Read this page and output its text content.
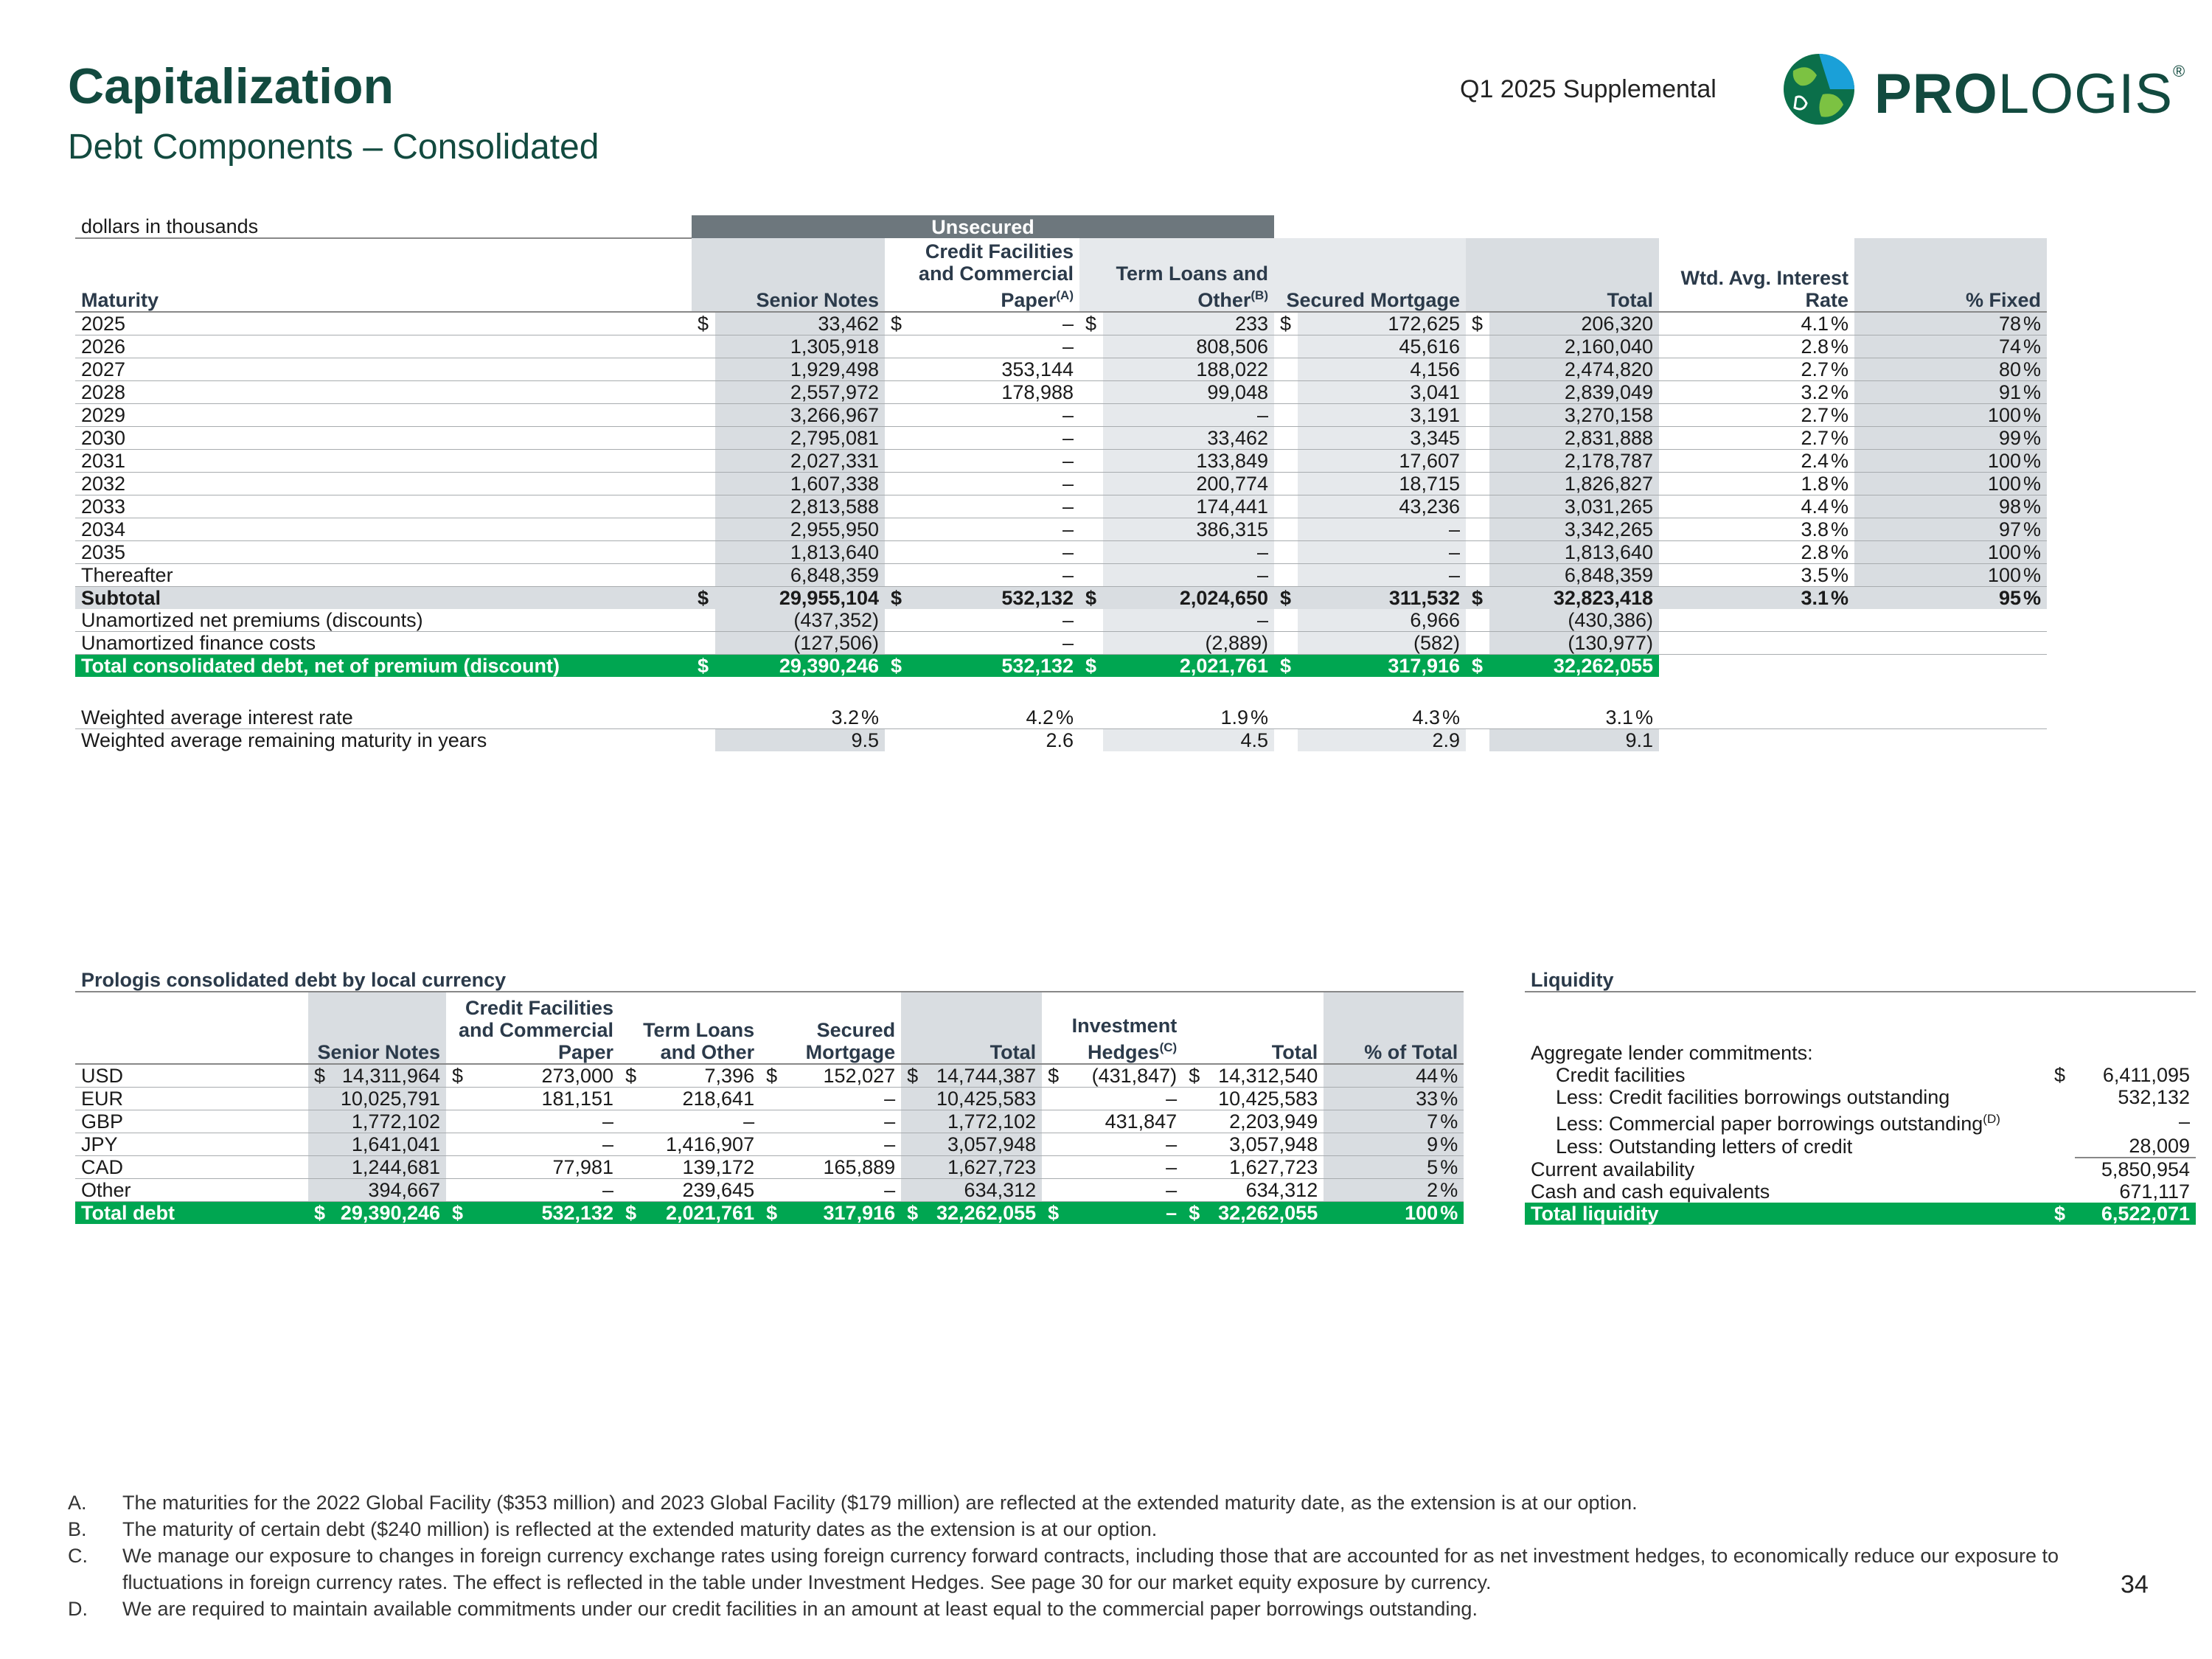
Capitalization
Debt Components – Consolidated
Q1 2025 Supplemental	PROLOGIS®
dollars in thousands	Unsecured											
Maturity	Senior Notes		Credit Facilities and Commercial Paper$^{(A)}$		Term Loans and Other$^{(B)}$		Secured Mortgage		Total		Wtd. Avg. Interest Rate	% Fixed
2025	$	33,462	$	–	$	233	$	172,625	$	206,320	4.1 %	78 %
2026		1,305,918		–		808,506		45,616		2,160,040	2.8 %	74 %
2027		1,929,498		353,144		188,022		4,156		2,474,820	2.7 %	80 %
2028		2,557,972		178,988		99,048		3,041		2,839,049	3.2 %	91 %
2029		3,266,967		–		–		3,191		3,270,158	2.7 %	100 %
2030		2,795,081		–		33,462		3,345		2,831,888	2.7 %	99 %
2031		2,027,331		–		133,849		17,607		2,178,787	2.4 %	100 %
2032		1,607,338		–		200,774		18,715		1,826,827	1.8 %	100 %
2033		2,813,588		–		174,441		43,236		3,031,265	4.4 %	98 %
2034		2,955,950		–		386,315		–		3,342,265	3.8 %	97 %
2035		1,813,640		–		–		–		1,813,640	2.8 %	100 %
Thereafter		6,848,359		–		–		–		6,848,359	3.5 %	100 %
Subtotal	$	29,955,104	$	532,132	$	2,024,650	$	311,532	$	32,823,418	3.1 %	95 %
Unamortized net premiums (discounts)		(437,352)		–		–		6,966		(430,386)		
Unamortized finance costs		(127,506)		–		(2,889)		(582)		(130,977)		
Total consolidated debt, net of premium (discount)	$	29,390,246	$	532,132	$	2,021,761	$	317,916	$	32,262,055		

Weighted average interest rate		3.2 %		4.2 %		1.9 %		4.3 %		3.1 %		
Weighted average remaining maturity in years		9.5		2.6		4.5		2.9		9.1		
Prologis consolidated debt by local currency															
	Senior Notes		Credit Facilities and Commercial Paper		Term Loans and Other		Secured Mortgage		Total		Investment Hedges$^{(C)}$		Total		% of Total
USD	$	14,311,964	$	273,000	$	7,396	$	152,027	$	14,744,387	$	(431,847)	$	14,312,540	44 %
EUR		10,025,791		181,151		218,641		–		10,425,583		–		10,425,583	33 %
GBP		1,772,102		–		–		–		1,772,102		431,847		2,203,949	7 %
JPY		1,641,041		–		1,416,907		–		3,057,948		–		3,057,948	9 %
CAD		1,244,681		77,981		139,172		165,889		1,627,723		–		1,627,723	5 %
Other		394,667		–		239,645		–		634,312		–		634,312	2 %
Total debt	$	29,390,246	$	532,132	$	2,021,761	$	317,916	$	32,262,055	$	–	$	32,262,055	100 %
Liquidity		

Aggregate lender commitments:		
Credit facilities	$	6,411,095
Less: Credit facilities borrowings outstanding		532,132
Less: Commercial paper borrowings outstanding$^{(D)}$		–
Less: Outstanding letters of credit		28,009
Current availability		5,850,954
Cash and cash equivalents		671,117
Total liquidity	$	6,522,071
A. The maturities for the 2022 Global Facility ($353 million) and 2023 Global Facility ($179 million) are reflected at the extended maturity date, as the extension is at our option.
B. The maturity of certain debt ($240 million) is reflected at the extended maturity dates as the extension is at our option.
C. We manage our exposure to changes in foreign currency exchange rates using foreign currency forward contracts, including those that are accounted for as net investment hedges, to economically reduce our exposure to fluctuations in foreign currency rates. The effect is reflected in the table under Investment Hedges. See page 30 for our market equity exposure by currency.
D. We are required to maintain available commitments under our credit facilities in an amount at least equal to the commercial paper borrowings outstanding.
34
